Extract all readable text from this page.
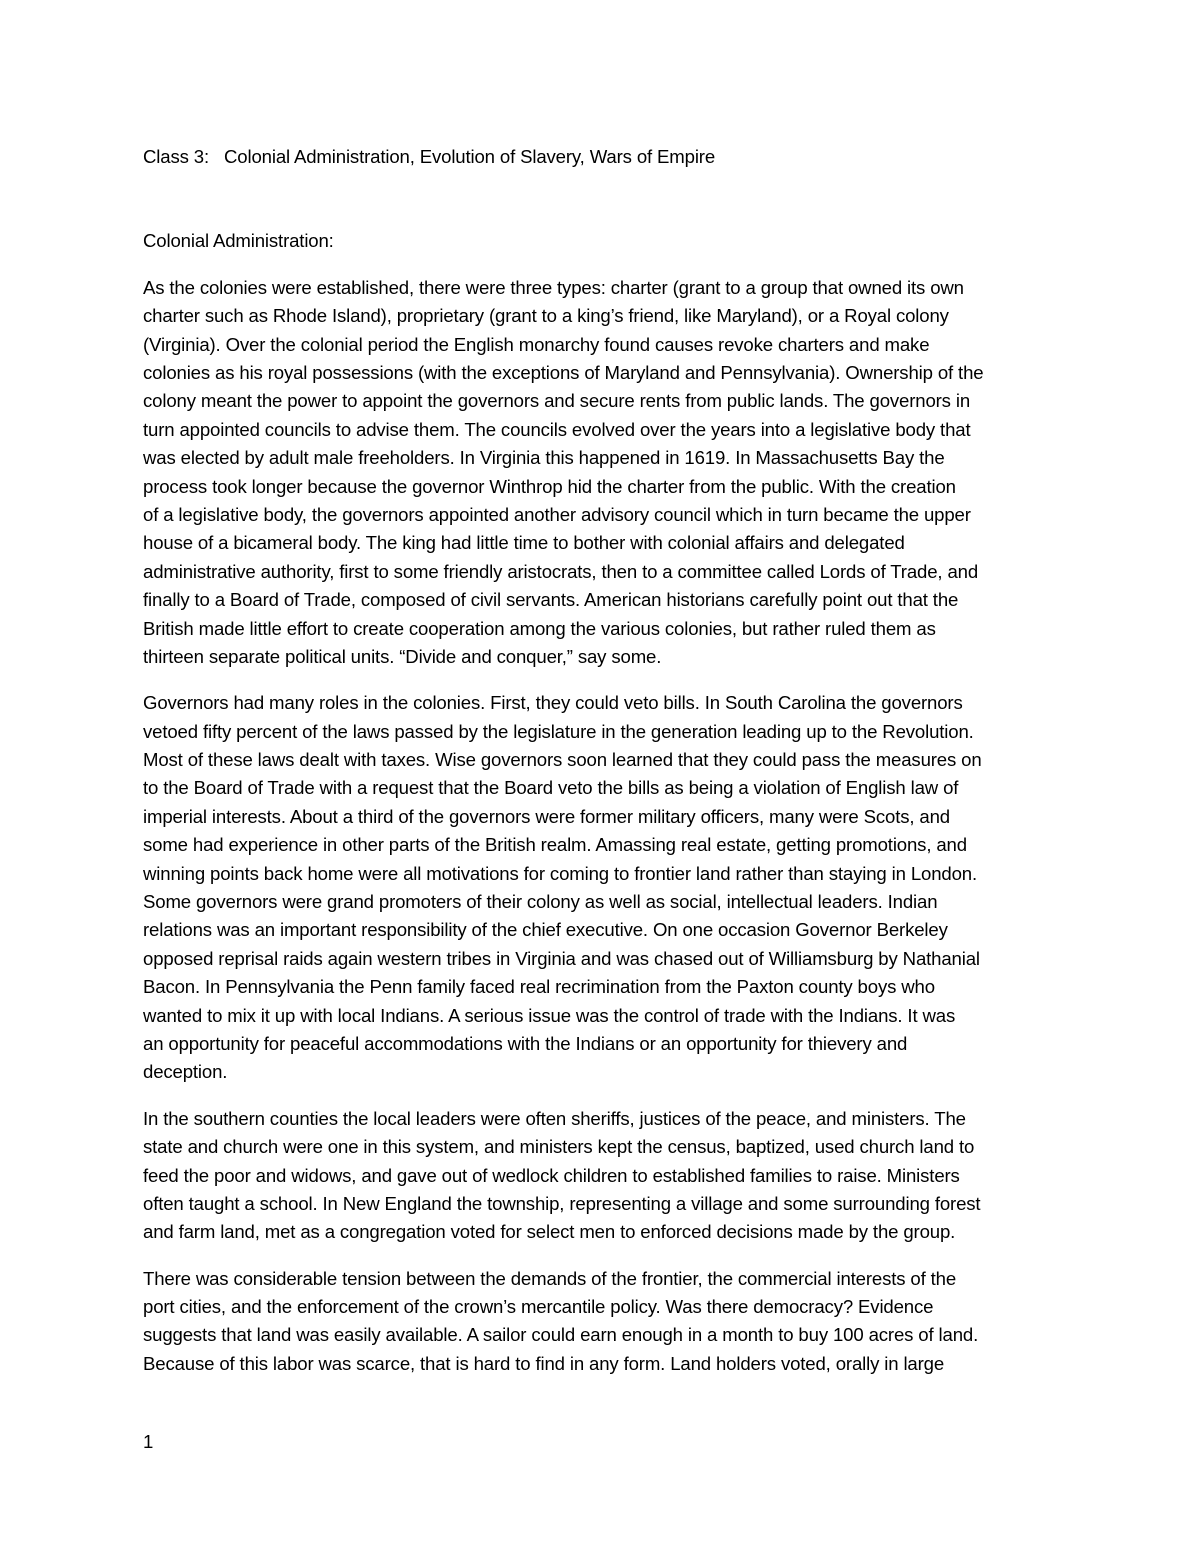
Class 3:   Colonial Administration, Evolution of Slavery, Wars of Empire
Colonial Administration:

As the colonies were established, there were three types: charter (grant to a group that owned its own
charter such as Rhode Island), proprietary (grant to a king’s friend, like Maryland), or a Royal colony
(Virginia). Over the colonial period the English monarchy found causes revoke charters and make
colonies as his royal possessions (with the exceptions of Maryland and Pennsylvania). Ownership of the
colony meant the power to appoint the governors and secure rents from public lands. The governors in
turn appointed councils to advise them. The councils evolved over the years into a legislative body that
was elected by adult male freeholders. In Virginia this happened in 1619. In Massachusetts Bay the
process took longer because the governor Winthrop hid the charter from the public. With the creation
of a legislative body, the governors appointed another advisory council which in turn became the upper
house of a bicameral body. The king had little time to bother with colonial affairs and delegated
administrative authority, first to some friendly aristocrats, then to a committee called Lords of Trade, and
finally to a Board of Trade, composed of civil servants. American historians carefully point out that the
British made little effort to create cooperation among the various colonies, but rather ruled them as
thirteen separate political units. “Divide and conquer,” say some.

Governors had many roles in the colonies. First, they could veto bills. In South Carolina the governors
vetoed fifty percent of the laws passed by the legislature in the generation leading up to the Revolution.
Most of these laws dealt with taxes. Wise governors soon learned that they could pass the measures on
to the Board of Trade with a request that the Board veto the bills as being a violation of English law of
imperial interests. About a third of the governors were former military officers, many were Scots, and
some had experience in other parts of the British realm. Amassing real estate, getting promotions, and
winning points back home were all motivations for coming to frontier land rather than staying in London.
Some governors were grand promoters of their colony as well as social, intellectual leaders. Indian
relations was an important responsibility of the chief executive. On one occasion Governor Berkeley
opposed reprisal raids again western tribes in Virginia and was chased out of Williamsburg by Nathanial
Bacon. In Pennsylvania the Penn family faced real recrimination from the Paxton county boys who
wanted to mix it up with local Indians. A serious issue was the control of trade with the Indians. It was
an opportunity for peaceful accommodations with the Indians or an opportunity for thievery and
deception.

In the southern counties the local leaders were often sheriffs, justices of the peace, and ministers. The
state and church were one in this system, and ministers kept the census, baptized, used church land to
feed the poor and widows, and gave out of wedlock children to established families to raise. Ministers
often taught a school. In New England the township, representing a village and some surrounding forest
and farm land, met as a congregation voted for select men to enforced decisions made by the group.

There was considerable tension between the demands of the frontier, the commercial interests of the
port cities, and the enforcement of the crown’s mercantile policy. Was there democracy? Evidence
suggests that land was easily available. A sailor could earn enough in a month to buy 100 acres of land.
Because of this labor was scarce, that is hard to find in any form. Land holders voted, orally in large

1
